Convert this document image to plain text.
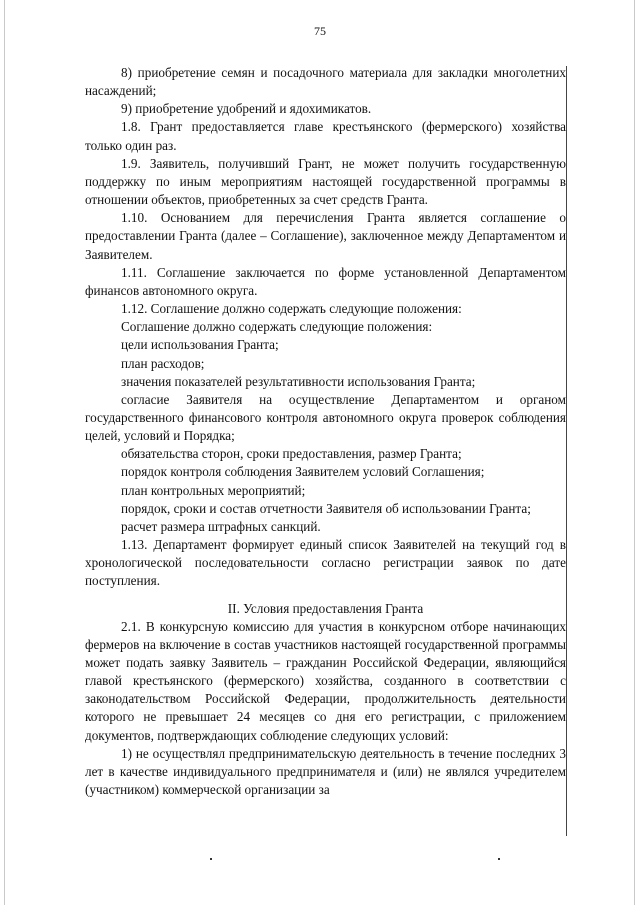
75

8) приобретение семян и посадочного материала для закладки многолетних насаждений;

9) приобретение удобрений и ядохимикатов.

1.8. Грант предоставляется главе крестьянского (фермерского) хозяйства только один раз.

1.9. Заявитель, получивший Грант, не может получить государственную поддержку по иным мероприятиям настоящей государственной программы в отношении объектов, приобретенных за счет средств Гранта.

1.10. Основанием для перечисления Гранта является соглашение о предоставлении Гранта (далее – Соглашение), заключенное между Департаментом и Заявителем.

1.11. Соглашение заключается по форме установленной Департаментом финансов автономного округа.

1.12. Соглашение должно содержать следующие положения:

Соглашение должно содержать следующие положения:

цели использования Гранта;

план расходов;

значения показателей результативности использования Гранта;

согласие Заявителя на осуществление Департаментом и органом государственного финансового контроля автономного округа проверок соблюдения целей, условий и Порядка;

обязательства сторон, сроки предоставления, размер Гранта;

порядок контроля соблюдения Заявителем условий Соглашения;

план контрольных мероприятий;

порядок, сроки и состав отчетности Заявителя об использовании Гранта;

расчет размера штрафных санкций.

1.13. Департамент формирует единый список Заявителей на текущий год в хронологической последовательности согласно регистрации заявок по дате поступления.

II. Условия предоставления Гранта

2.1. В конкурсную комиссию для участия в конкурсном отборе начинающих фермеров на включение в состав участников настоящей государственной программы может подать заявку Заявитель – гражданин Российской Федерации, являющийся главой крестьянского (фермерского) хозяйства, созданного в соответствии с законодательством Российской Федерации, продолжительность деятельности которого не превышает 24 месяцев со дня его регистрации, с приложением документов, подтверждающих соблюдение следующих условий:

1) не осуществлял предпринимательскую деятельность в течение последних 3 лет в качестве индивидуального предпринимателя и (или) не являлся учредителем (участником) коммерческой организации за
